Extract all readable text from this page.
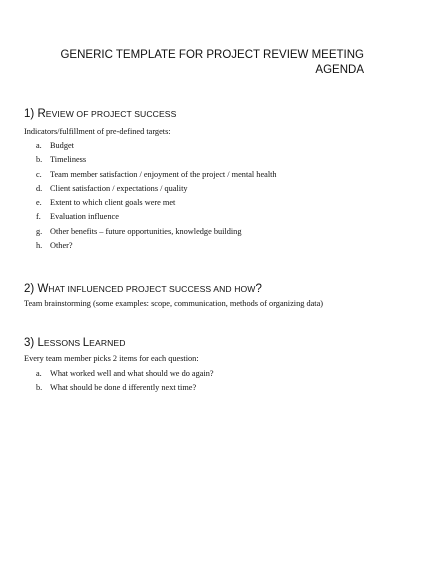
GENERIC TEMPLATE FOR PROJECT REVIEW MEETING
AGENDA
1) REVIEW OF PROJECT SUCCESS
Indicators/fulfillment of pre-defined targets:
a. Budget
b. Timeliness
c. Team member satisfaction / enjoyment of the project / mental health
d. Client satisfaction / expectations / quality
e. Extent to which client goals were met
f. Evaluation influence
g. Other benefits – future opportunities, knowledge building
h. Other?
2) WHAT INFLUENCED PROJECT SUCCESS AND HOW?
Team brainstorming (some examples: scope, communication, methods of organizing data)
3) LESSONS LEARNED
Every team member picks 2 items for each question:
a. What worked well and what should we do again?
b. What should be done d ifferently next time?
